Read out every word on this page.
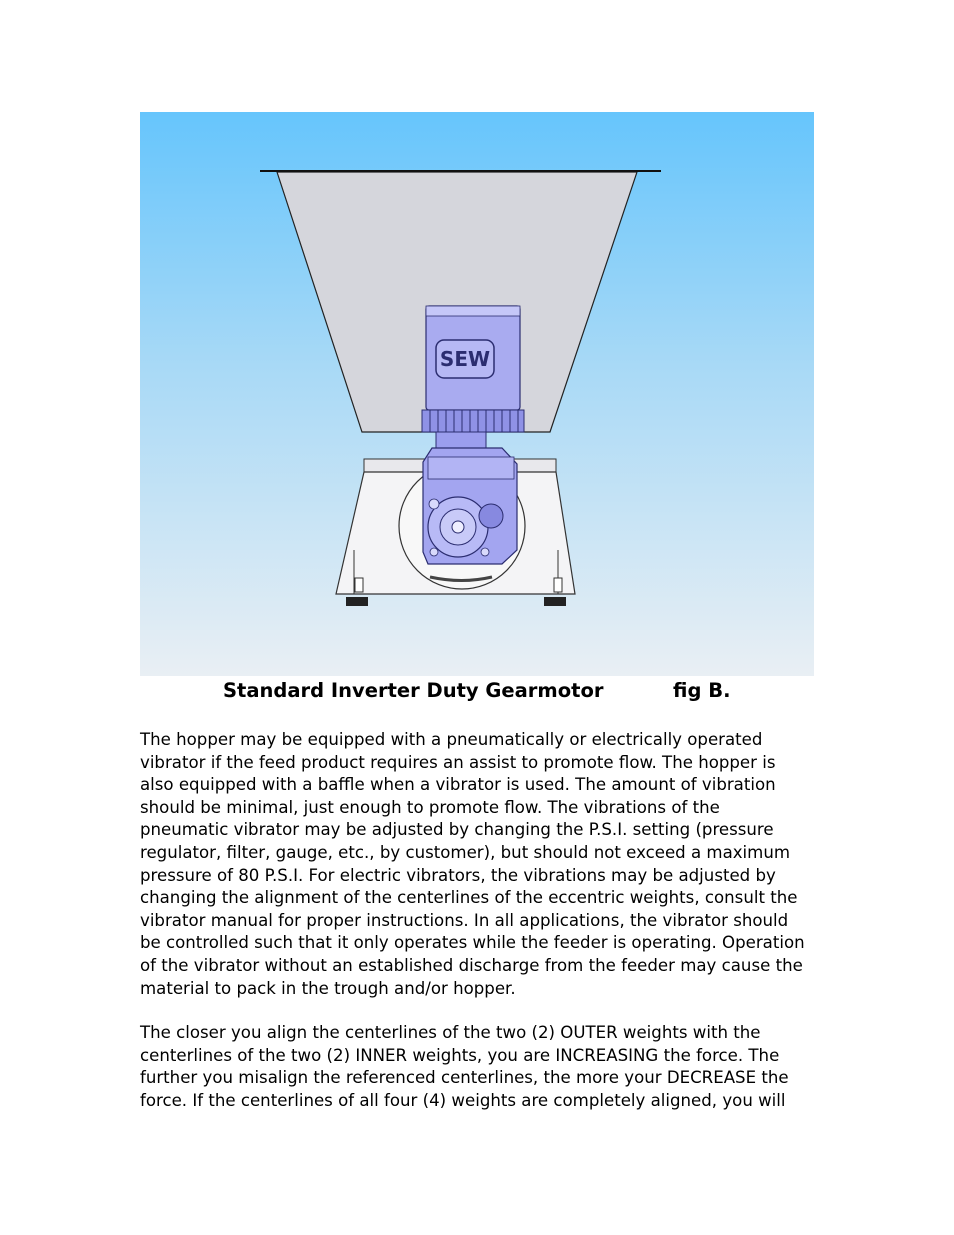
SEW
Standard Inverter Duty Gearmotor	fig B.

The hopper may be equipped with a pneumatically or electrically operated
vibrator if the feed product requires an assist to promote flow. The hopper is
also equipped with a baffle when a vibrator is used. The amount of vibration
should be minimal, just enough to promote flow. The vibrations of the
pneumatic vibrator may be adjusted by changing the P.S.I. setting (pressure
regulator, filter, gauge, etc., by customer), but should not exceed a maximum
pressure of 80 P.S.I. For electric vibrators, the vibrations may be adjusted by
changing the alignment of the centerlines of the eccentric weights, consult the
vibrator manual for proper instructions. In all applications, the vibrator should
be controlled such that it only operates while the feeder is operating. Operation
of the vibrator without an established discharge from the feeder may cause the
material to pack in the trough and/or hopper.

The closer you align the centerlines of the two (2) OUTER weights with the
centerlines of the two (2) INNER weights, you are INCREASING the force. The
further you misalign the referenced centerlines, the more your DECREASE the
force. If the centerlines of all four (4) weights are completely aligned, you will
